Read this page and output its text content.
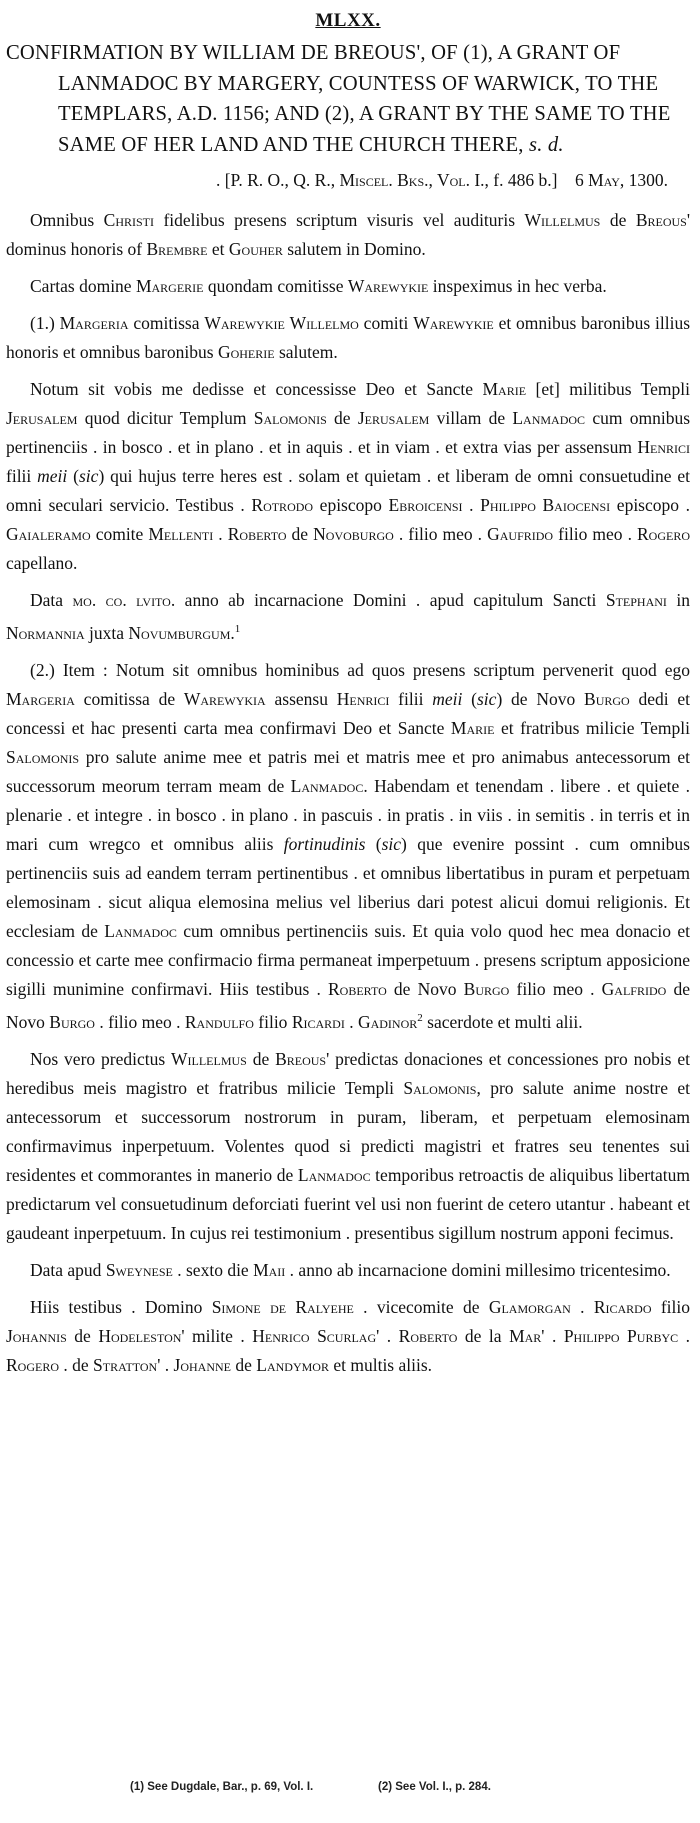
MLXX.

CONFIRMATION BY WILLIAM DE BREOUS', OF (1), A GRANT OF LANMADOC BY MARGERY, COUNTESS OF WARWICK, TO THE TEMPLARS, A.D. 1156; AND (2), A GRANT BY THE SAME TO THE SAME OF HER LAND AND THE CHURCH THERE, s. d.

. [P. R. O., Q. R., Miscel. Bks., Vol. I., f. 486 b.] 6 May, 1300.

Omnibus Christi fidelibus presens scriptum visuris vel audituris Willelmus de Breous' dominus honoris of Brembre et Gouher salutem in Domino.

Cartas domine Margerie quondam comitisse Warewykie inspeximus in hec verba.

(1.) Margeria comitissa Warewykie Willelmo comiti Warewykie et omnibus baronibus illius honoris et omnibus baronibus Goherie salutem.

Notum sit vobis me dedisse et concessisse Deo et Sancte Marie [et] militibus Templi Jerusalem quod dicitur Templum Salomonis de Jerusalem villam de Lanmadoc cum omnibus pertinenciis . in bosco . et in plano . et in aquis . et in viam . et extra vias per assensum Henrici filii meii (sic) qui hujus terre heres est . solam et quietam . et liberam de omni consuetudine et omni seculari servicio. Testibus . Rotrodo episcopo Ebroicensi . Philippo Baiocensi episcopo . Gaialeramo comite Mellenti . Roberto de Novoburgo . filio meo . Gaufrido filio meo . Rogero capellano.

Data mo. co. lvito. anno ab incarnacione Domini . apud capitulum Sancti Stephani in Normannia juxta Novumburgum.$^1$

(2.) Item : Notum sit omnibus hominibus ad quos presens scriptum pervenerit quod ego Margeria comitissa de Warewykia assensu Henrici filii meii (sic) de Novo Burgo dedi et concessi et hac presenti carta mea confirmavi Deo et Sancte Marie et fratribus milicie Templi Salomonis pro salute anime mee et patris mei et matris mee et pro animabus antecessorum et successorum meorum terram meam de Lanmadoc. Habendam et tenendam . libere . et quiete . plenarie . et integre . in bosco . in plano . in pascuis . in pratis . in viis . in semitis . in terris et in mari cum wregco et omnibus aliis fortinudinis (sic) que evenire possint . cum omnibus pertinenciis suis ad eandem terram pertinentibus . et omnibus libertatibus in puram et perpetuam elemosinam . sicut aliqua elemosina melius vel liberius dari potest alicui domui religionis. Et ecclesiam de Lanmadoc cum omnibus pertinenciis suis. Et quia volo quod hec mea donacio et concessio et carte mee confirmacio firma permaneat imperpetuum . presens scriptum apposicione sigilli munimine confirmavi. Hiis testibus . Roberto de Novo Burgo filio meo . Galfrido de Novo Burgo . filio meo . Randulfo filio Ricardi . Gadinor$^2$ sacerdote et multi alii.

Nos vero predictus Willelmus de Breous' predictas donaciones et concessiones pro nobis et heredibus meis magistro et fratribus milicie Templi Salomonis, pro salute anime nostre et antecessorum et successorum nostrorum in puram, liberam, et perpetuam elemosinam confirmavimus inperpetuum. Volentes quod si predicti magistri et fratres seu tenentes sui residentes et commorantes in manerio de Lanmadoc temporibus retroactis de aliquibus libertatum predictarum vel consuetudinum deforciati fuerint vel usi non fuerint de cetero utantur . habeant et gaudeant inperpetuum. In cujus rei testimonium . presentibus sigillum nostrum apponi fecimus.

Data apud Sweynese . sexto die Maii . anno ab incarnacione domini millesimo tricentesimo.

Hiis testibus . Domino Simone de Ralyehe . vicecomite de Glamorgan . Ricardo filio Johannis de Hodeleston' milite . Henrico Scurlag' . Roberto de la Mar' . Philippo Purbyc . Rogero . de Stratton' . Johanne de Landymor et multis aliis.

(1) See Dugdale, Bar., p. 69, Vol. I.	(2) See Vol. I., p. 284.
